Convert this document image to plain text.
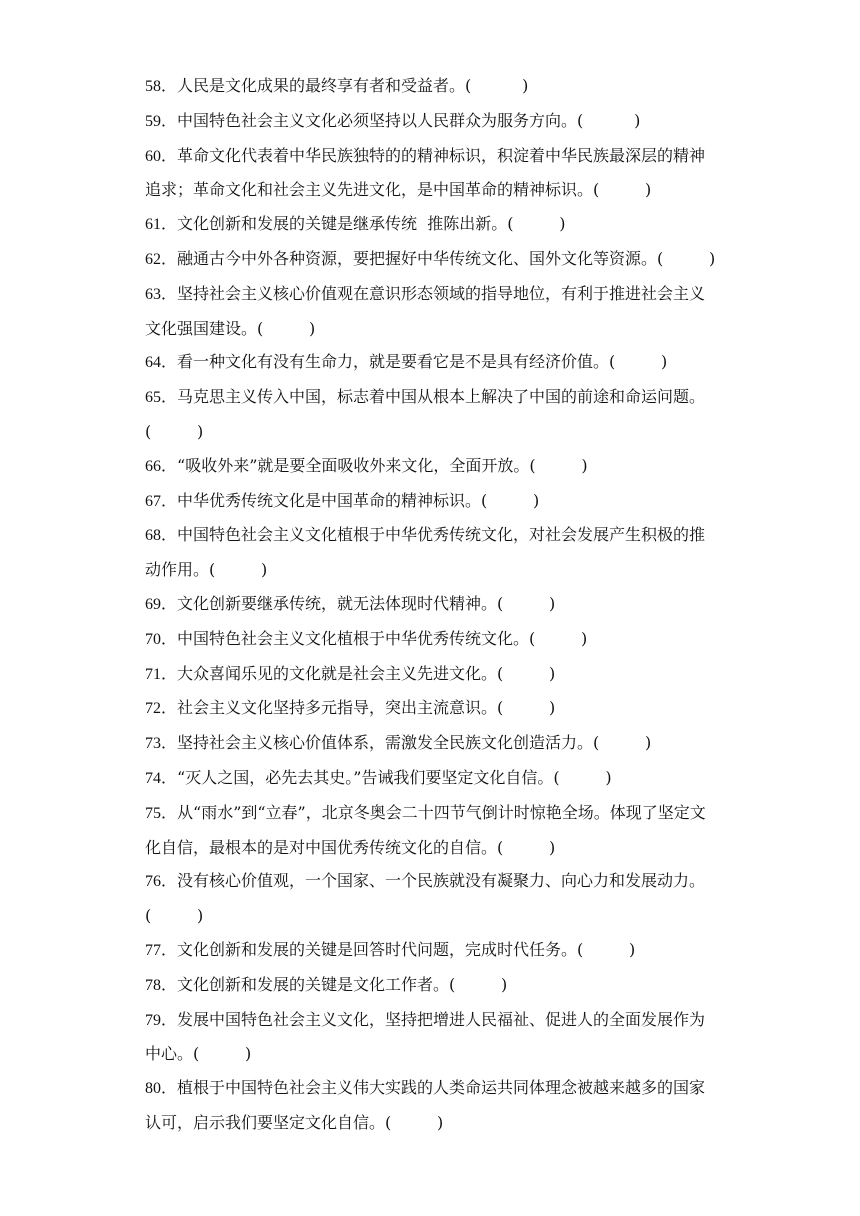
58．人民是文化成果的最终享有者和受益者。(          )

59．中国特色社会主义文化必须坚持以人民群众为服务方向。(          )

60．革命文化代表着中华民族独特的的精神标识，积淀着中华民族最深层的精神追求；革命文化和社会主义先进文化，是中国革命的精神标识。(         )

61．文化创新和发展的关键是继承传统  推陈出新。(         )

62．融通古今中外各种资源，要把握好中华传统文化、国外文化等资源。(         )

63．坚持社会主义核心价值观在意识形态领域的指导地位，有利于推进社会主义文化强国建设。(         )

64．看一种文化有没有生命力，就是要看它是不是具有经济价值。(         )

65．马克思主义传入中国，标志着中国从根本上解决了中国的前途和命运问题。(         )

66．“吸收外来”就是要全面吸收外来文化，全面开放。(         )

67．中华优秀传统文化是中国革命的精神标识。(         )

68．中国特色社会主义文化植根于中华优秀传统文化，对社会发展产生积极的推动作用。(         )

69．文化创新要继承传统，就无法体现时代精神。(         )

70．中国特色社会主义文化植根于中华优秀传统文化。(         )

71．大众喜闻乐见的文化就是社会主义先进文化。(         )

72．社会主义文化坚持多元指导，突出主流意识。(         )

73．坚持社会主义核心价值体系，需激发全民族文化创造活力。(         )

74．“灭人之国，必先去其史。”告诫我们要坚定文化自信。(         )

75．从“雨水”到“立春”，北京冬奥会二十四节气倒计时惊艳全场。体现了坚定文化自信，最根本的是对中国优秀传统文化的自信。(         )

76．没有核心价值观，一个国家、一个民族就没有凝聚力、向心力和发展动力。(         )

77．文化创新和发展的关键是回答时代问题，完成时代任务。(         )

78．文化创新和发展的关键是文化工作者。(         )

79．发展中国特色社会主义文化，坚持把增进人民福祉、促进人的全面发展作为中心。(         )

80．植根于中国特色社会主义伟大实践的人类命运共同体理念被越来越多的国家认可，启示我们要坚定文化自信。(         )
